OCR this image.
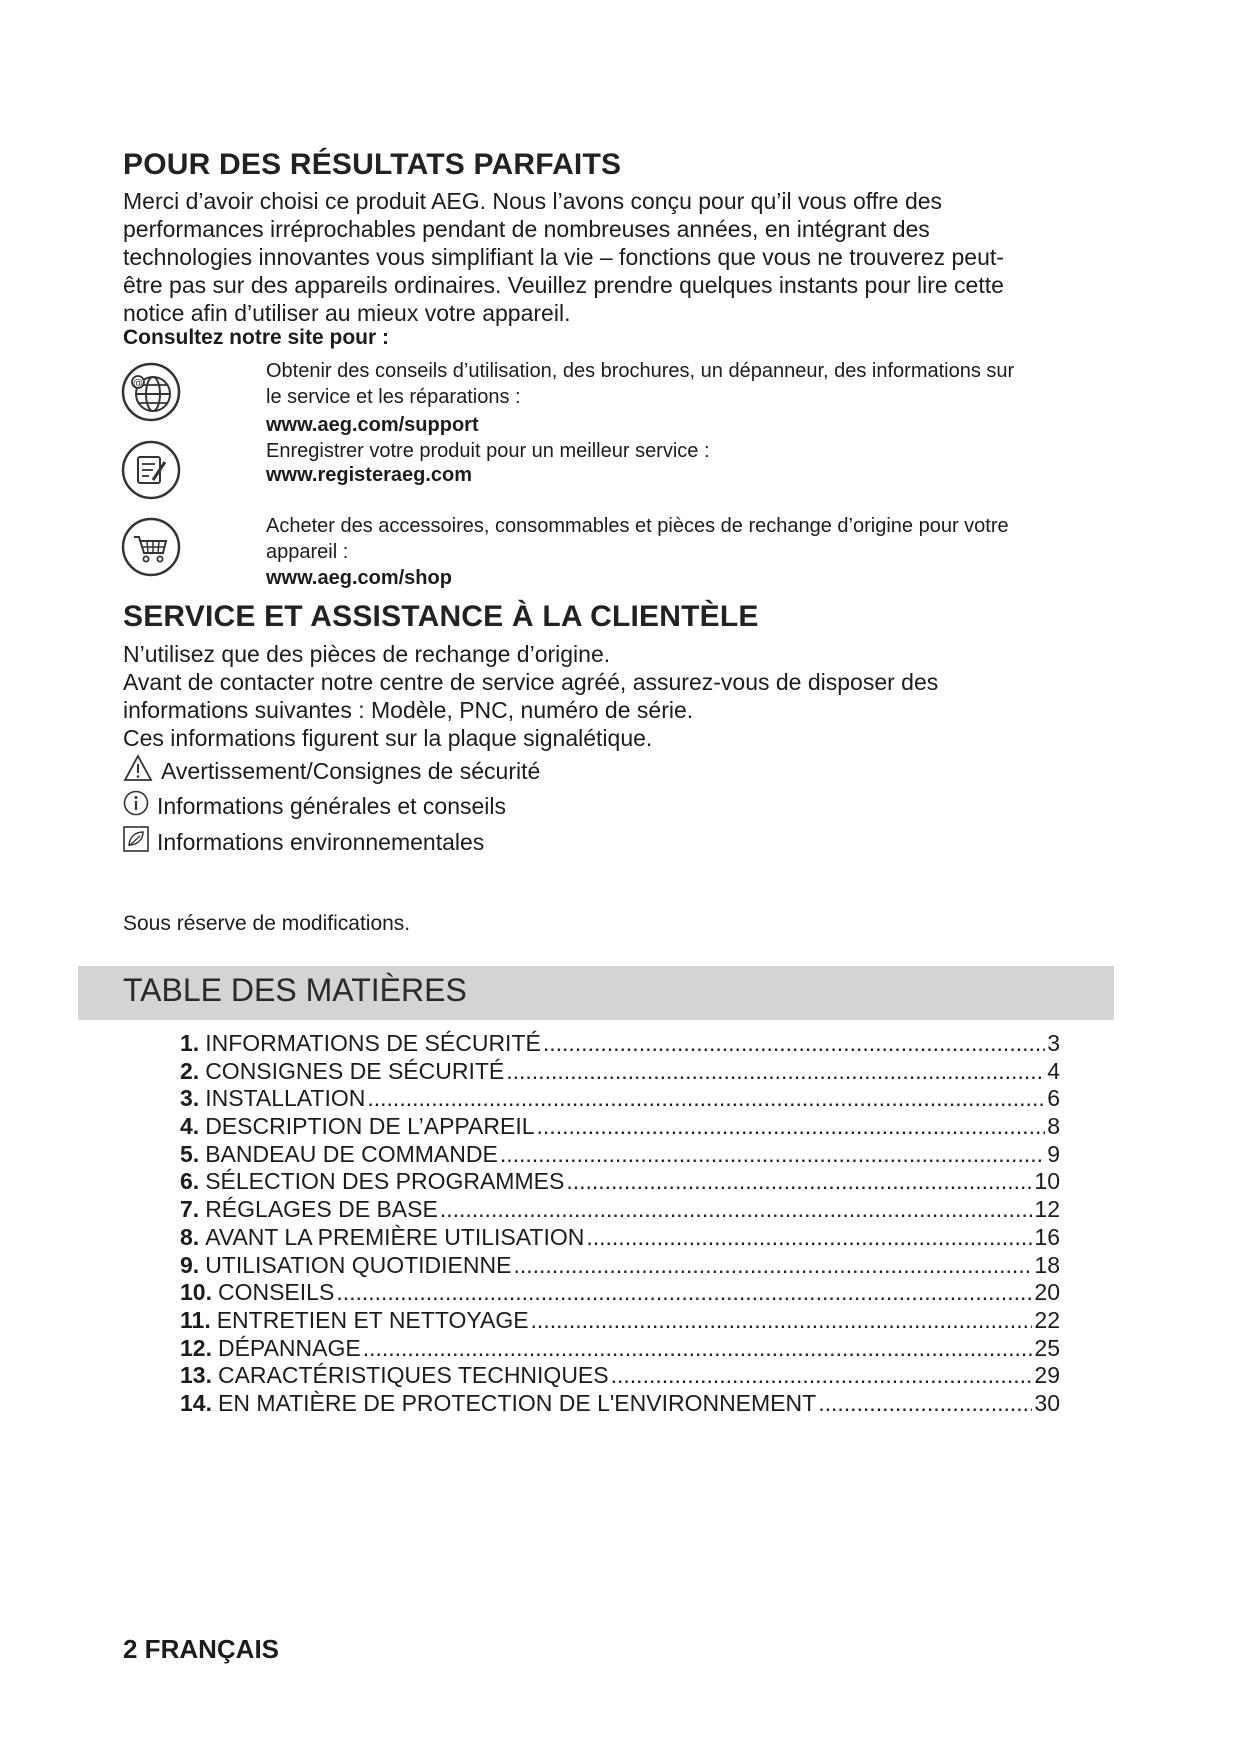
POUR DES RÉSULTATS PARFAITS

Merci d’avoir choisi ce produit AEG. Nous l’avons conçu pour qu’il vous offre des

performances irréprochables pendant de nombreuses années, en intégrant des

technologies innovantes vous simplifiant la vie – fonctions que vous ne trouverez peut-

être pas sur des appareils ordinaires. Veuillez prendre quelques instants pour lire cette

notice afin d’utiliser au mieux votre appareil.

Consultez notre site pour :
@
Obtenir des conseils d’utilisation, des brochures, un dépanneur, des informations sur
le service et les réparations :
www.aeg.com/support
Enregistrer votre produit pour un meilleur service :
www.registeraeg.com
Acheter des accessoires, consommables et pièces de rechange d’origine pour votre
appareil :
www.aeg.com/shop
SERVICE ET ASSISTANCE À LA CLIENTÈLE

N’utilisez que des pièces de rechange d’origine.

Avant de contacter notre centre de service agréé, assurez-vous de disposer des

informations suivantes : Modèle, PNC, numéro de série.

Ces informations figurent sur la plaque signalétique.

Avertissement/Consignes de sécurité
Informations générales et conseils
Informations environnementales
Sous réserve de modifications.
TABLE DES MATIÈRES
1. INFORMATIONS DE SÉCURITÉ .....	3
2. CONSIGNES DE SÉCURITÉ .....	4
3. INSTALLATION .....	6
4. DESCRIPTION DE L’APPAREIL .....	8
5. BANDEAU DE COMMANDE .....	9
6. SÉLECTION DES PROGRAMMES .....	10
7. RÉGLAGES DE BASE .....	12
8. AVANT LA PREMIÈRE UTILISATION .....	16
9. UTILISATION QUOTIDIENNE .....	18
10. CONSEILS .....	20
11. ENTRETIEN ET NETTOYAGE .....	22
12. DÉPANNAGE .....	25
13. CARACTÉRISTIQUES TECHNIQUES .....	29
14. EN MATIÈRE DE PROTECTION DE L'ENVIRONNEMENT .....	30
2 FRANÇAIS
